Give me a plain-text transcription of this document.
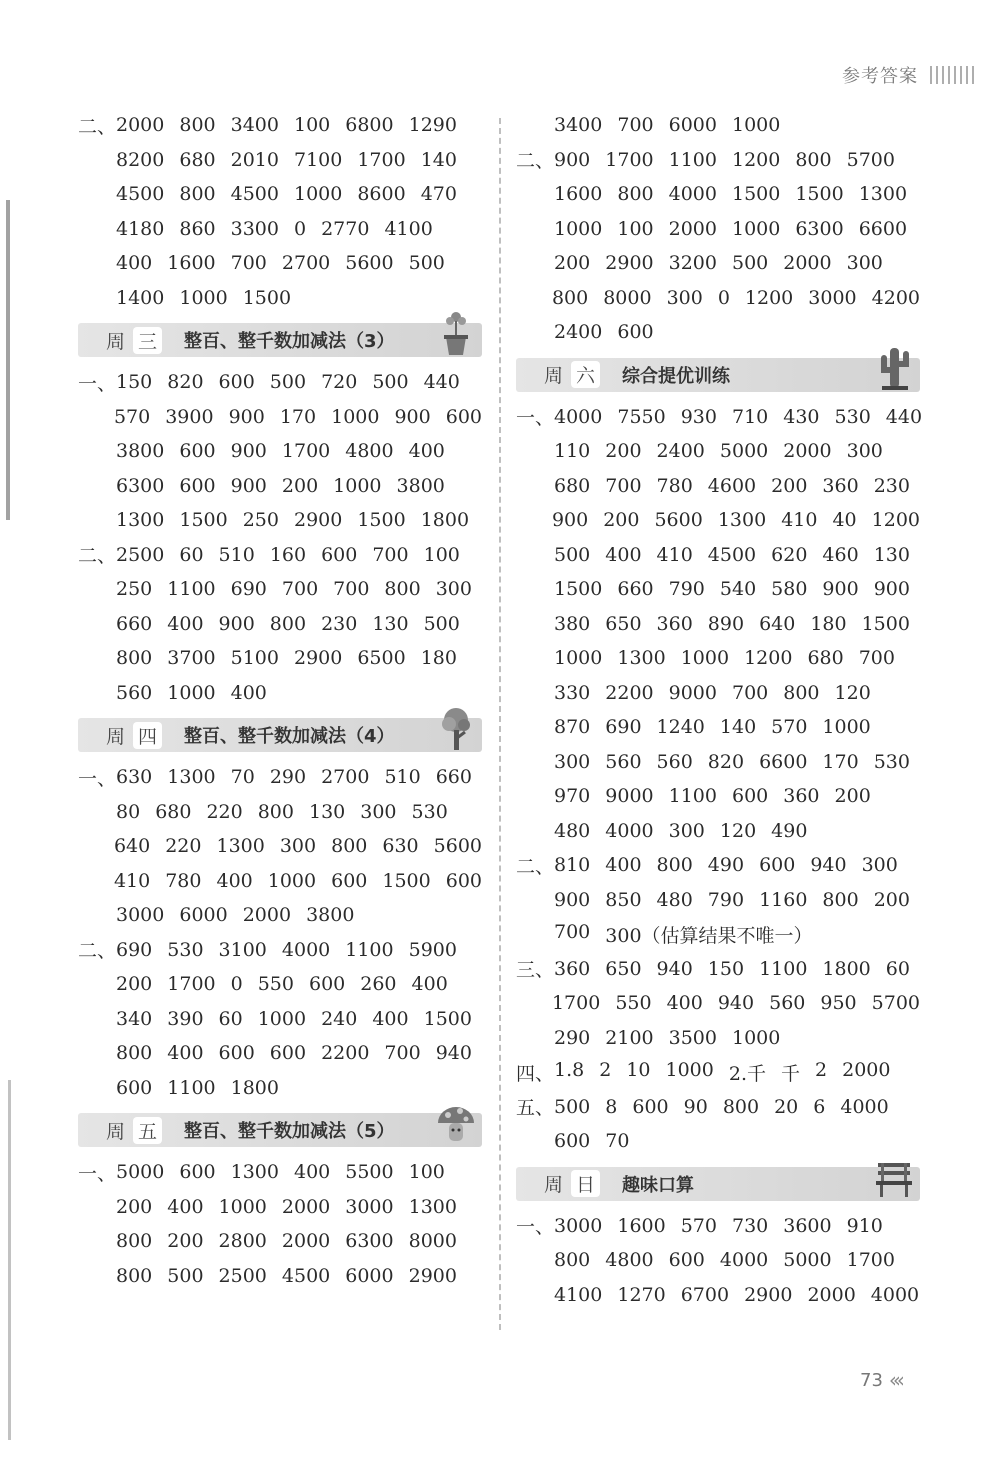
参考答案
二、 2000 800 3400 100 6800 1290
8200 680 2010 7100 1700 140
4500 800 4500 1000 8600 470
4180 860 3300 0 2770 4100
400 1600 700 2700 5600 500
1400 1000 1500
周 三 整百、整千数加减法（3）
一、 150 820 600 500 720 500 440
570 3900 900 170 1000 900 600
3800 600 900 1700 4800 400
6300 600 900 200 1000 3800
1300 1500 250 2900 1500 1800
二、 2500 60 510 160 600 700 100
250 1100 690 700 700 800 300
660 400 900 800 230 130 500
800 3700 5100 2900 6500 180
560 1000 400
周 四 整百、整千数加减法（4）
一、 630 1300 70 290 2700 510 660
80 680 220 800 130 300 530
640 220 1300 300 800 630 5600
410 780 400 1000 600 1500 600
3000 6000 2000 3800
二、 690 530 3100 4000 1100 5900
200 1700 0 550 600 260 400
340 390 60 1000 240 400 1500
800 400 600 600 2200 700 940
600 1100 1800
周 五 整百、整千数加减法（5）
一、 5000 600 1300 400 5500 100
200 400 1000 2000 3000 1300
800 200 2800 2000 6300 8000
800 500 2500 4500 6000 2900
3400 700 6000 1000
二、 900 1700 1100 1200 800 5700
1600 800 4000 1500 1500 1300
1000 100 2000 1000 6300 6600
200 2900 3200 500 2000 300
800 8000 300 0 1200 3000 4200
2400 600
周 六 综合提优训练
一、 4000 7550 930 710 430 530 440
110 200 2400 5000 2000 300
680 700 780 4600 200 360 230
900 200 5600 1300 410 40 1200
500 400 410 4500 620 460 130
1500 660 790 540 580 900 900
380 650 360 890 640 180 1500
1000 1300 1000 1200 680 700
330 2200 9000 700 800 120
870 690 1240 140 570 1000
300 560 560 820 6600 170 530
970 9000 1100 600 360 200
480 4000 300 120 490
二、 810 400 800 490 600 940 300
900 850 480 790 1160 800 200
700 300（估算结果不唯一）
三、 360 650 940 150 1100 1800 60
1700 550 400 940 560 950 5700
290 2100 3500 1000
四、 1.8 2 10 1000 2.千 千 2 2000
五、 500 8 600 90 800 20 6 4000
600 70
周 日 趣味口算
一、 3000 1600 570 730 3600 910
800 4800 600 4000 5000 1700
4100 1270 6700 2900 2000 4000
73 ‹‹‹
